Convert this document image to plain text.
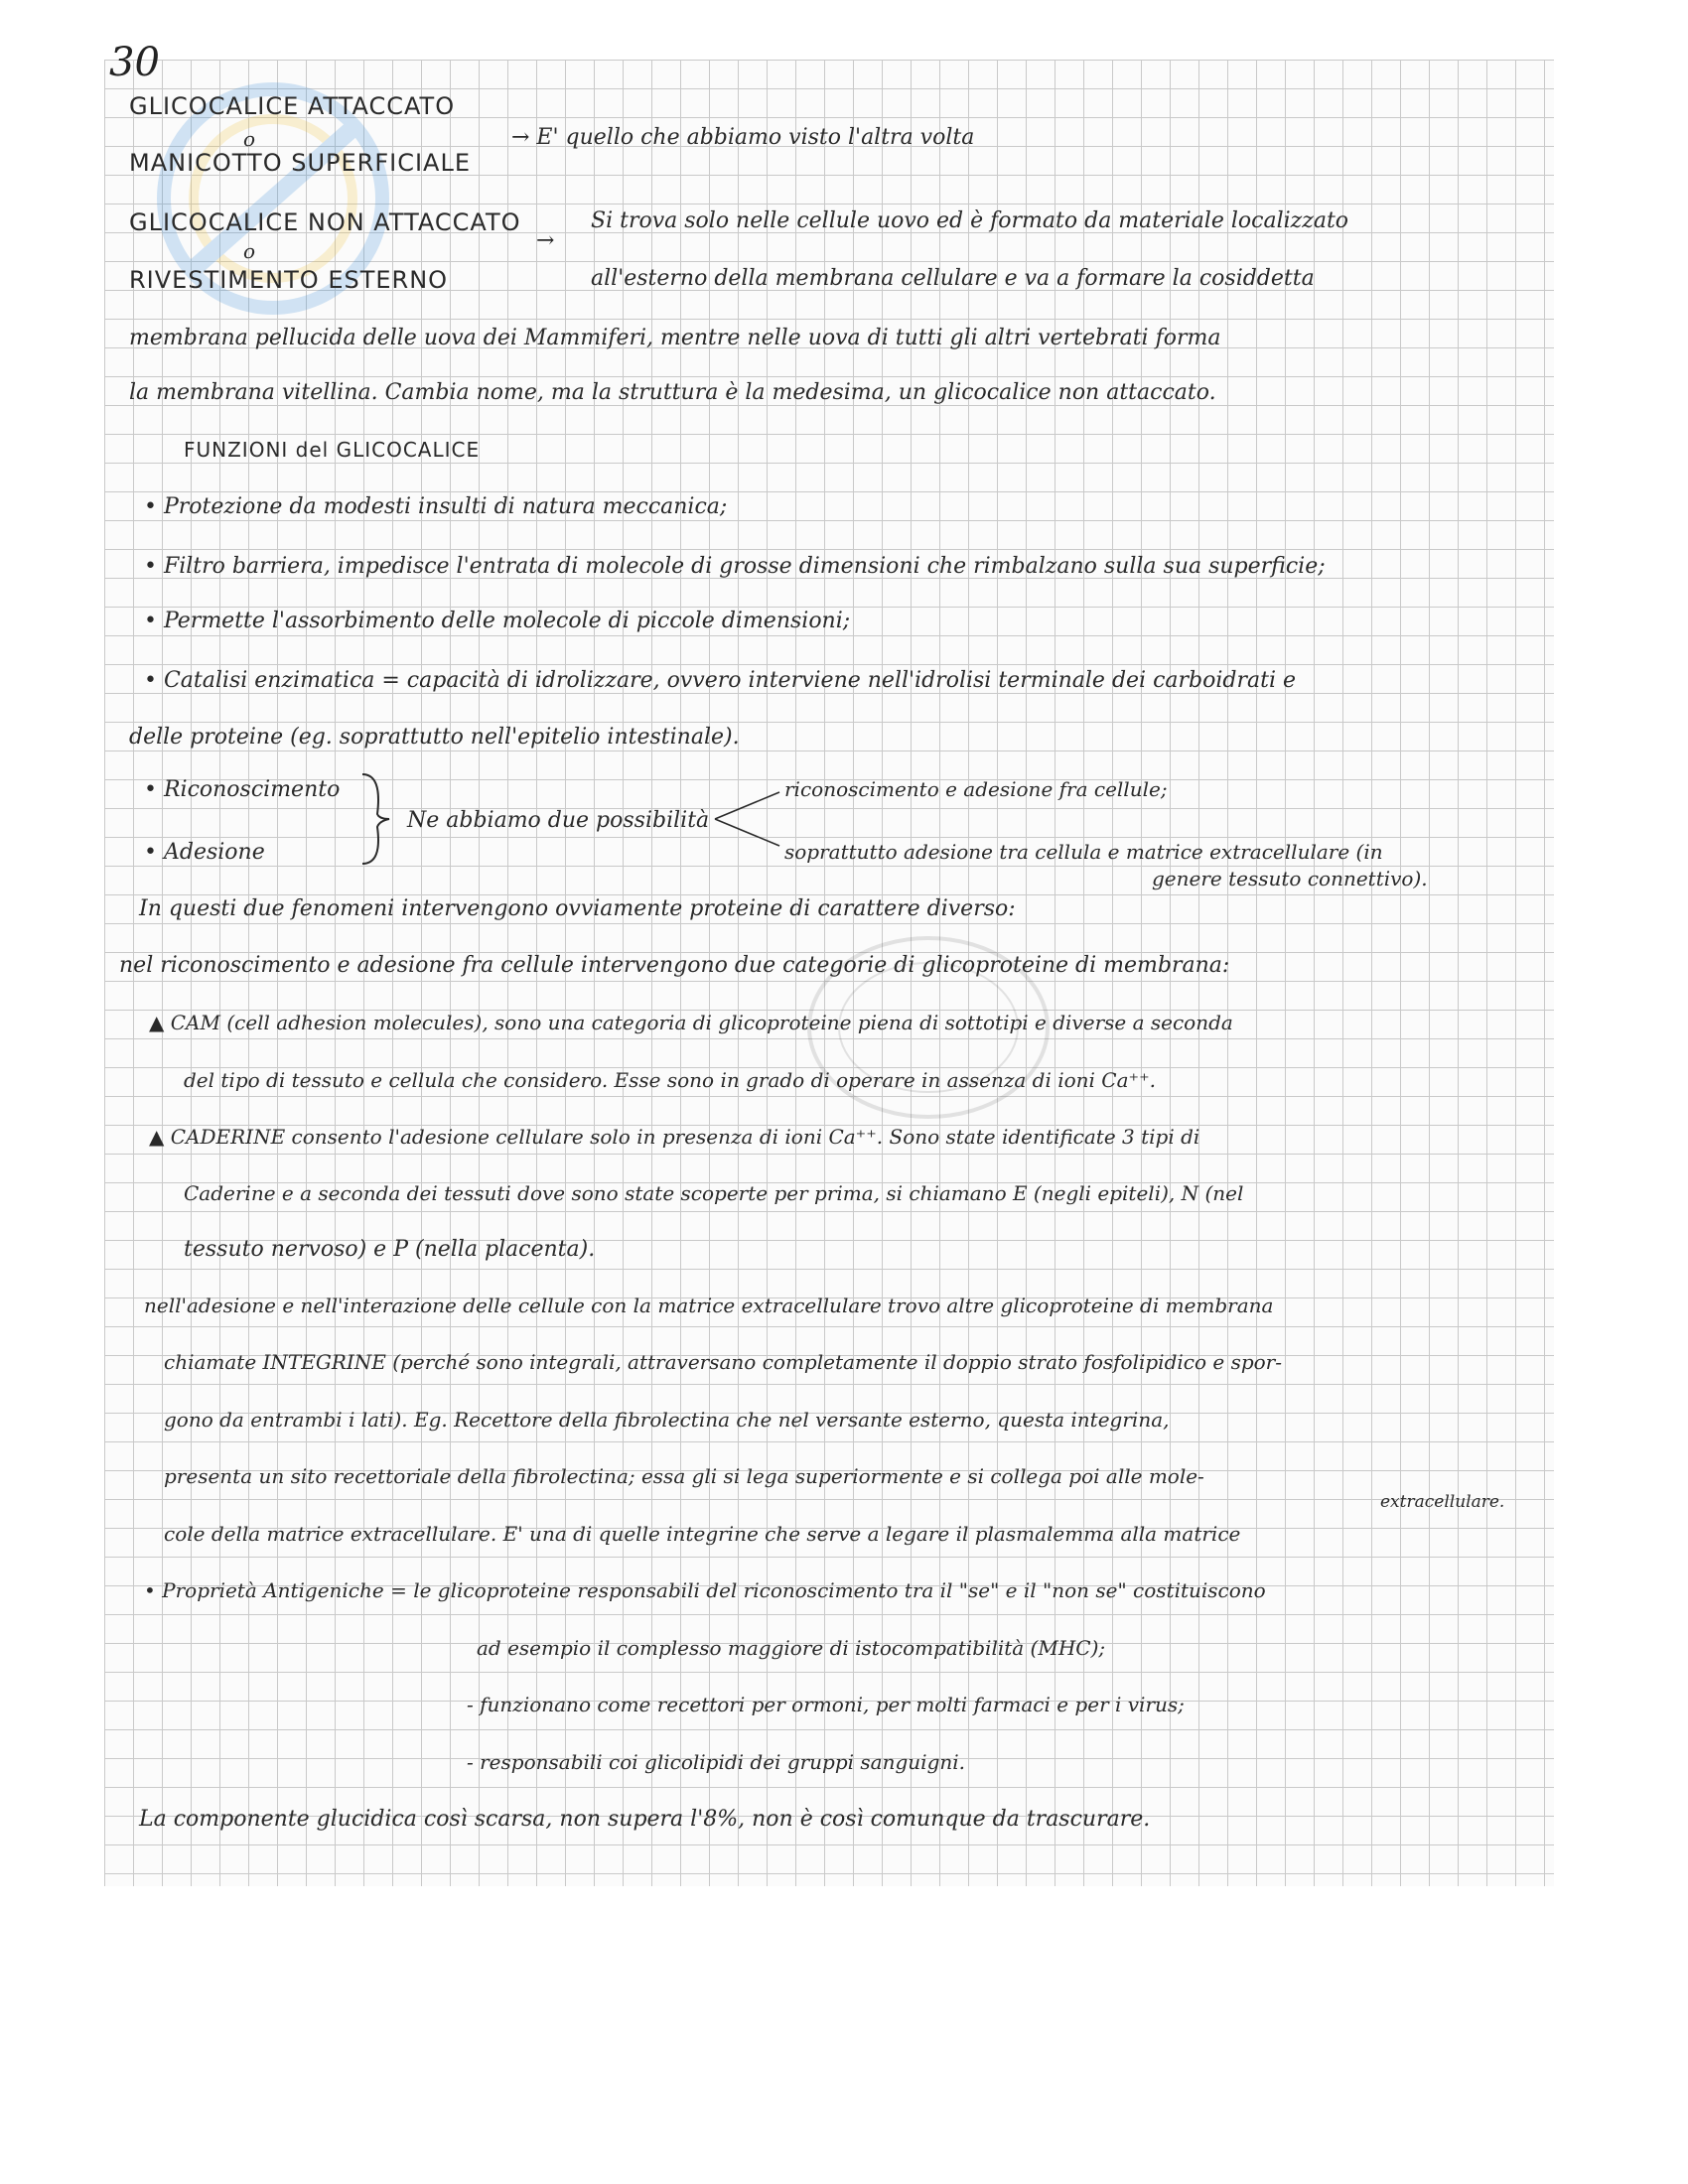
30
GLICOCALICE ATTACCATO
o
MANICOTTO SUPERFICIALE
→ E' quello che abbiamo visto l'altra volta
GLICOCALICE NON ATTACCATO
o
RIVESTIMENTO ESTERNO
→
Si trova solo nelle cellule uovo ed è formato da materiale localizzato
all'esterno della membrana cellulare e va a formare la cosiddetta
membrana pellucida delle uova dei Mammiferi, mentre nelle uova di tutti gli altri vertebrati forma
la membrana vitellina. Cambia nome, ma la struttura è la medesima, un glicocalice non attaccato.
FUNZIONI del GLICOCALICE
• Protezione da modesti insulti di natura meccanica;
• Filtro barriera, impedisce l'entrata di molecole di grosse dimensioni che rimbalzano sulla sua superficie;
• Permette l'assorbimento delle molecole di piccole dimensioni;
• Catalisi enzimatica = capacità di idrolizzare, ovvero interviene nell'idrolisi terminale dei carboidrati e
delle proteine (eg. soprattutto nell'epitelio intestinale).
• Riconoscimento
• Adesione
Ne abbiamo due possibilità
riconoscimento e adesione fra cellule;
soprattutto adesione tra cellula e matrice extracellulare (in
genere tessuto connettivo).
In questi due fenomeni intervengono ovviamente proteine di carattere diverso:
nel riconoscimento e adesione fra cellule intervengono due categorie di glicoproteine di membrana:
▲ CAM (cell adhesion molecules), sono una categoria di glicoproteine piena di sottotipi e diverse a seconda
del tipo di tessuto e cellula che considero. Esse sono in grado di operare in assenza di ioni Ca⁺⁺.
▲ CADERINE consento l'adesione cellulare solo in presenza di ioni Ca⁺⁺. Sono state identificate 3 tipi di
Caderine e a seconda dei tessuti dove sono state scoperte per prima, si chiamano E (negli epiteli), N (nel
tessuto nervoso) e P (nella placenta).
nell'adesione e nell'interazione delle cellule con la matrice extracellulare trovo altre glicoproteine di membrana
chiamate INTEGRINE (perché sono integrali, attraversano completamente il doppio strato fosfolipidico e spor-
gono da entrambi i lati). Eg. Recettore della fibrolectina che nel versante esterno, questa integrina,
presenta un sito recettoriale della fibrolectina; essa gli si lega superiormente e si collega poi alle mole-
extracellulare.
cole della matrice extracellulare. E' una di quelle integrine che serve a legare il plasmalemma alla matrice
• Proprietà Antigeniche = le glicoproteine responsabili del riconoscimento tra il "se" e il "non se" costituiscono
ad esempio il complesso maggiore di istocompatibilità (MHC);
- funzionano come recettori per ormoni, per molti farmaci e per i virus;
- responsabili coi glicolipidi dei gruppi sanguigni.
La componente glucidica così scarsa, non supera l'8%, non è così comunque da trascurare.
